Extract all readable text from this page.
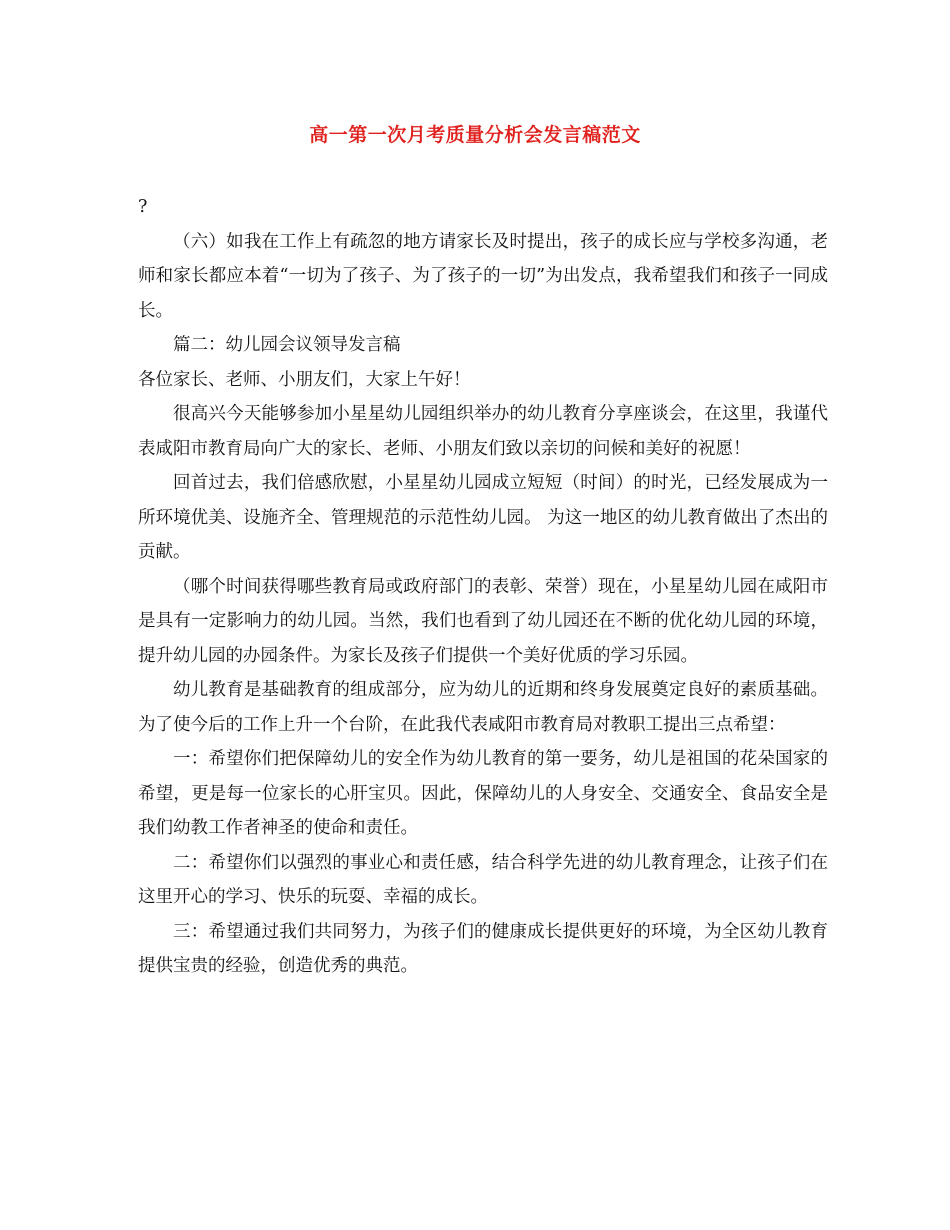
高一第一次月考质量分析会发言稿范文

?

（六）如我在工作上有疏忽的地方请家长及时提出，孩子的成长应与学校多沟通，老师和家长都应本着“一切为了孩子、为了孩子的一切”为出发点，我希望我们和孩子一同成长。

篇二：幼儿园会议领导发言稿

各位家长、老师、小朋友们，大家上午好！

很高兴今天能够参加小星星幼儿园组织举办的幼儿教育分享座谈会，在这里，我谨代表咸阳市教育局向广大的家长、老师、小朋友们致以亲切的问候和美好的祝愿！

回首过去，我们倍感欣慰，小星星幼儿园成立短短（时间）的时光，已经发展成为一所环境优美、设施齐全、管理规范的示范性幼儿园。 为这一地区的幼儿教育做出了杰出的贡献。

（哪个时间获得哪些教育局或政府部门的表彰、荣誉）现在，小星星幼儿园在咸阳市是具有一定影响力的幼儿园。当然，我们也看到了幼儿园还在不断的优化幼儿园的环境，提升幼儿园的办园条件。为家长及孩子们提供一个美好优质的学习乐园。

幼儿教育是基础教育的组成部分，应为幼儿的近期和终身发展奠定良好的素质基础。为了使今后的工作上升一个台阶，在此我代表咸阳市教育局对教职工提出三点希望：

一：希望你们把保障幼儿的安全作为幼儿教育的第一要务，幼儿是祖国的花朵国家的希望，更是每一位家长的心肝宝贝。因此，保障幼儿的人身安全、交通安全、食品安全是我们幼教工作者神圣的使命和责任。

二：希望你们以强烈的事业心和责任感，结合科学先进的幼儿教育理念，让孩子们在这里开心的学习、快乐的玩耍、幸福的成长。

三：希望通过我们共同努力，为孩子们的健康成长提供更好的环境，为全区幼儿教育提供宝贵的经验，创造优秀的典范。
